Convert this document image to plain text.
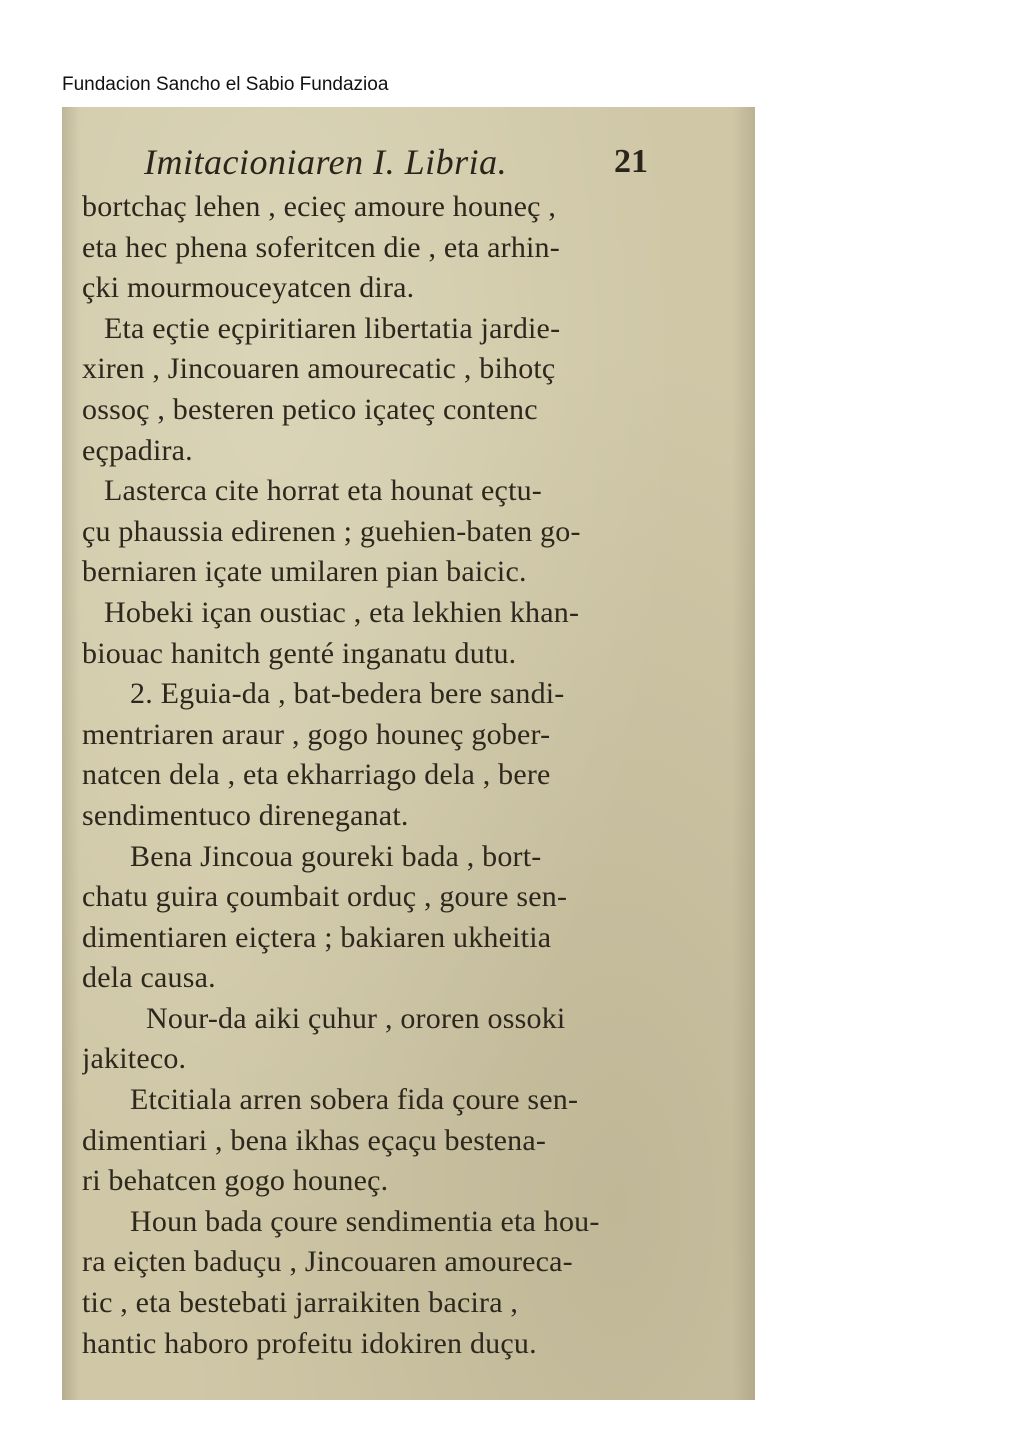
Fundacion Sancho el Sabio Fundazioa
Imitacioniaren I. Libria.	21
bortchaç lehen , ecieç amoure houneç ,
eta hec phena soferitcen die , eta arhin-
çki mourmouceyatcen dira.
Eta eçtie eçpiritiaren libertatia jardie-
xiren , Jincouaren amourecatic , bihotç
ossoç , besteren petico içateç contenc
eçpadira.
Lasterca cite horrat eta hounat eçtu-
çu phaussia edirenen ; guehien-baten go-
berniaren içate umilaren pian baicic.
Hobeki içan oustiac , eta lekhien khan-
biouac hanitch genté inganatu dutu.
2. Eguia-da , bat-bedera bere sandi-
mentriaren araur , gogo houneç gober-
natcen dela , eta ekharriago dela , bere
sendimentuco direneganat.
Bena Jincoua goureki bada , bort-
chatu guira çoumbait orduç , goure sen-
dimentiaren eiçtera ; bakiaren ukheitia
dela causa.
Nour-da aiki çuhur , ororen ossoki
jakiteco.
Etcitiala arren sobera fida çoure sen-
dimentiari , bena ikhas eçaçu bestena-
ri behatcen gogo houneç.
Houn bada çoure sendimentia eta hou-
ra eiçten baduçu , Jincouaren amoureca-
tic , eta bestebati jarraikiten bacira ,
hantic haboro profeitu idokiren duçu.
